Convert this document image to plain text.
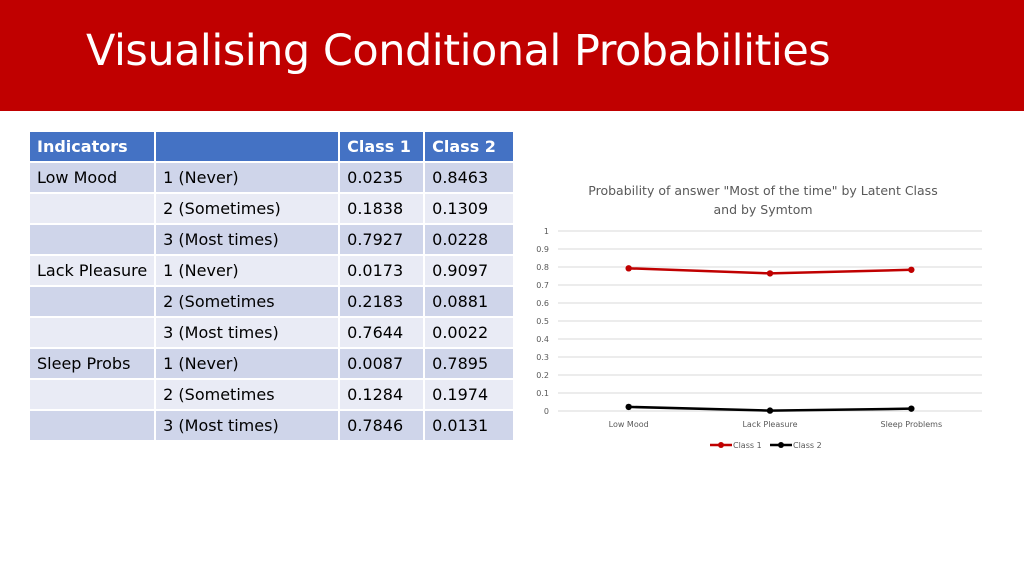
Visualising Conditional Probabilities
Indicators		Class 1	Class 2
Low Mood	1 (Never)	0.0235	0.8463
	2 (Sometimes)	0.1838	0.1309
	3 (Most times)	0.7927	0.0228
Lack Pleasure	1 (Never)	0.0173	0.9097
	2 (Sometimes	0.2183	0.0881
	3 (Most times)	0.7644	0.0022
Sleep Probs	1 (Never)	0.0087	0.7895
	2 (Sometimes	0.1284	0.1974
	3 (Most times)	0.7846	0.0131
Probability of answer "Most of the time" by Latent Class
and by Symtom
0
0.1
0.2
0.3
0.4
0.5
0.6
0.7
0.8
0.9
1
Low Mood	Lack Pleasure	Sleep Problems
Class 1	Class 2
